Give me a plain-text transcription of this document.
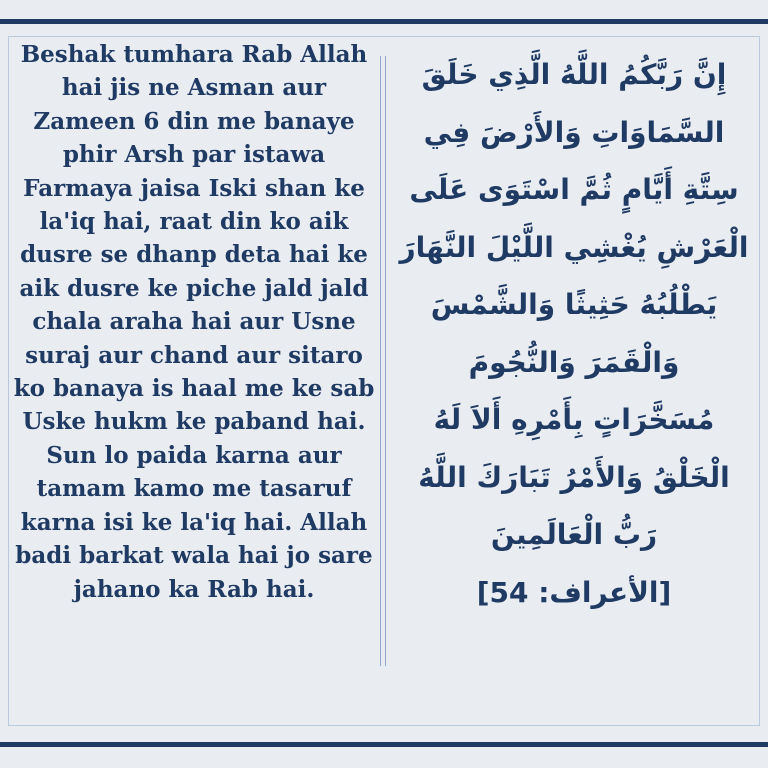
Beshak tumhara Rab Allah hai jis ne Asman aur Zameen 6 din me banaye phir Arsh par istawa Farmaya jaisa Iski shan ke la'iq hai, raat din ko aik dusre se dhanp deta hai ke aik dusre ke piche jald jald chala araha hai aur Usne suraj aur chand aur sitaro ko banaya is haal me ke sab Uske hukm ke paband hai. Sun lo paida karna aur tamam kamo me tasaruf karna isi ke la'iq hai. Allah badi barkat wala hai jo sare jahano ka Rab hai.
إِنَّ رَبَّكُمُ اللَّهُ الَّذِي خَلَقَ
السَّمَاوَاتِ وَالأَرْضَ فِي
سِتَّةِ أَيَّامٍ ثُمَّ اسْتَوَى عَلَى
الْعَرْشِ يُغْشِي اللَّيْلَ النَّهَارَ
يَطْلُبُهُ حَثِيثًا وَالشَّمْسَ
وَالْقَمَرَ وَالنُّجُومَ
مُسَخَّرَاتٍ بِأَمْرِهِ أَلاَ لَهُ
الْخَلْقُ وَالأَمْرُ تَبَارَكَ اللَّهُ
رَبُّ الْعَالَمِينَ
[الأعراف: 54]
